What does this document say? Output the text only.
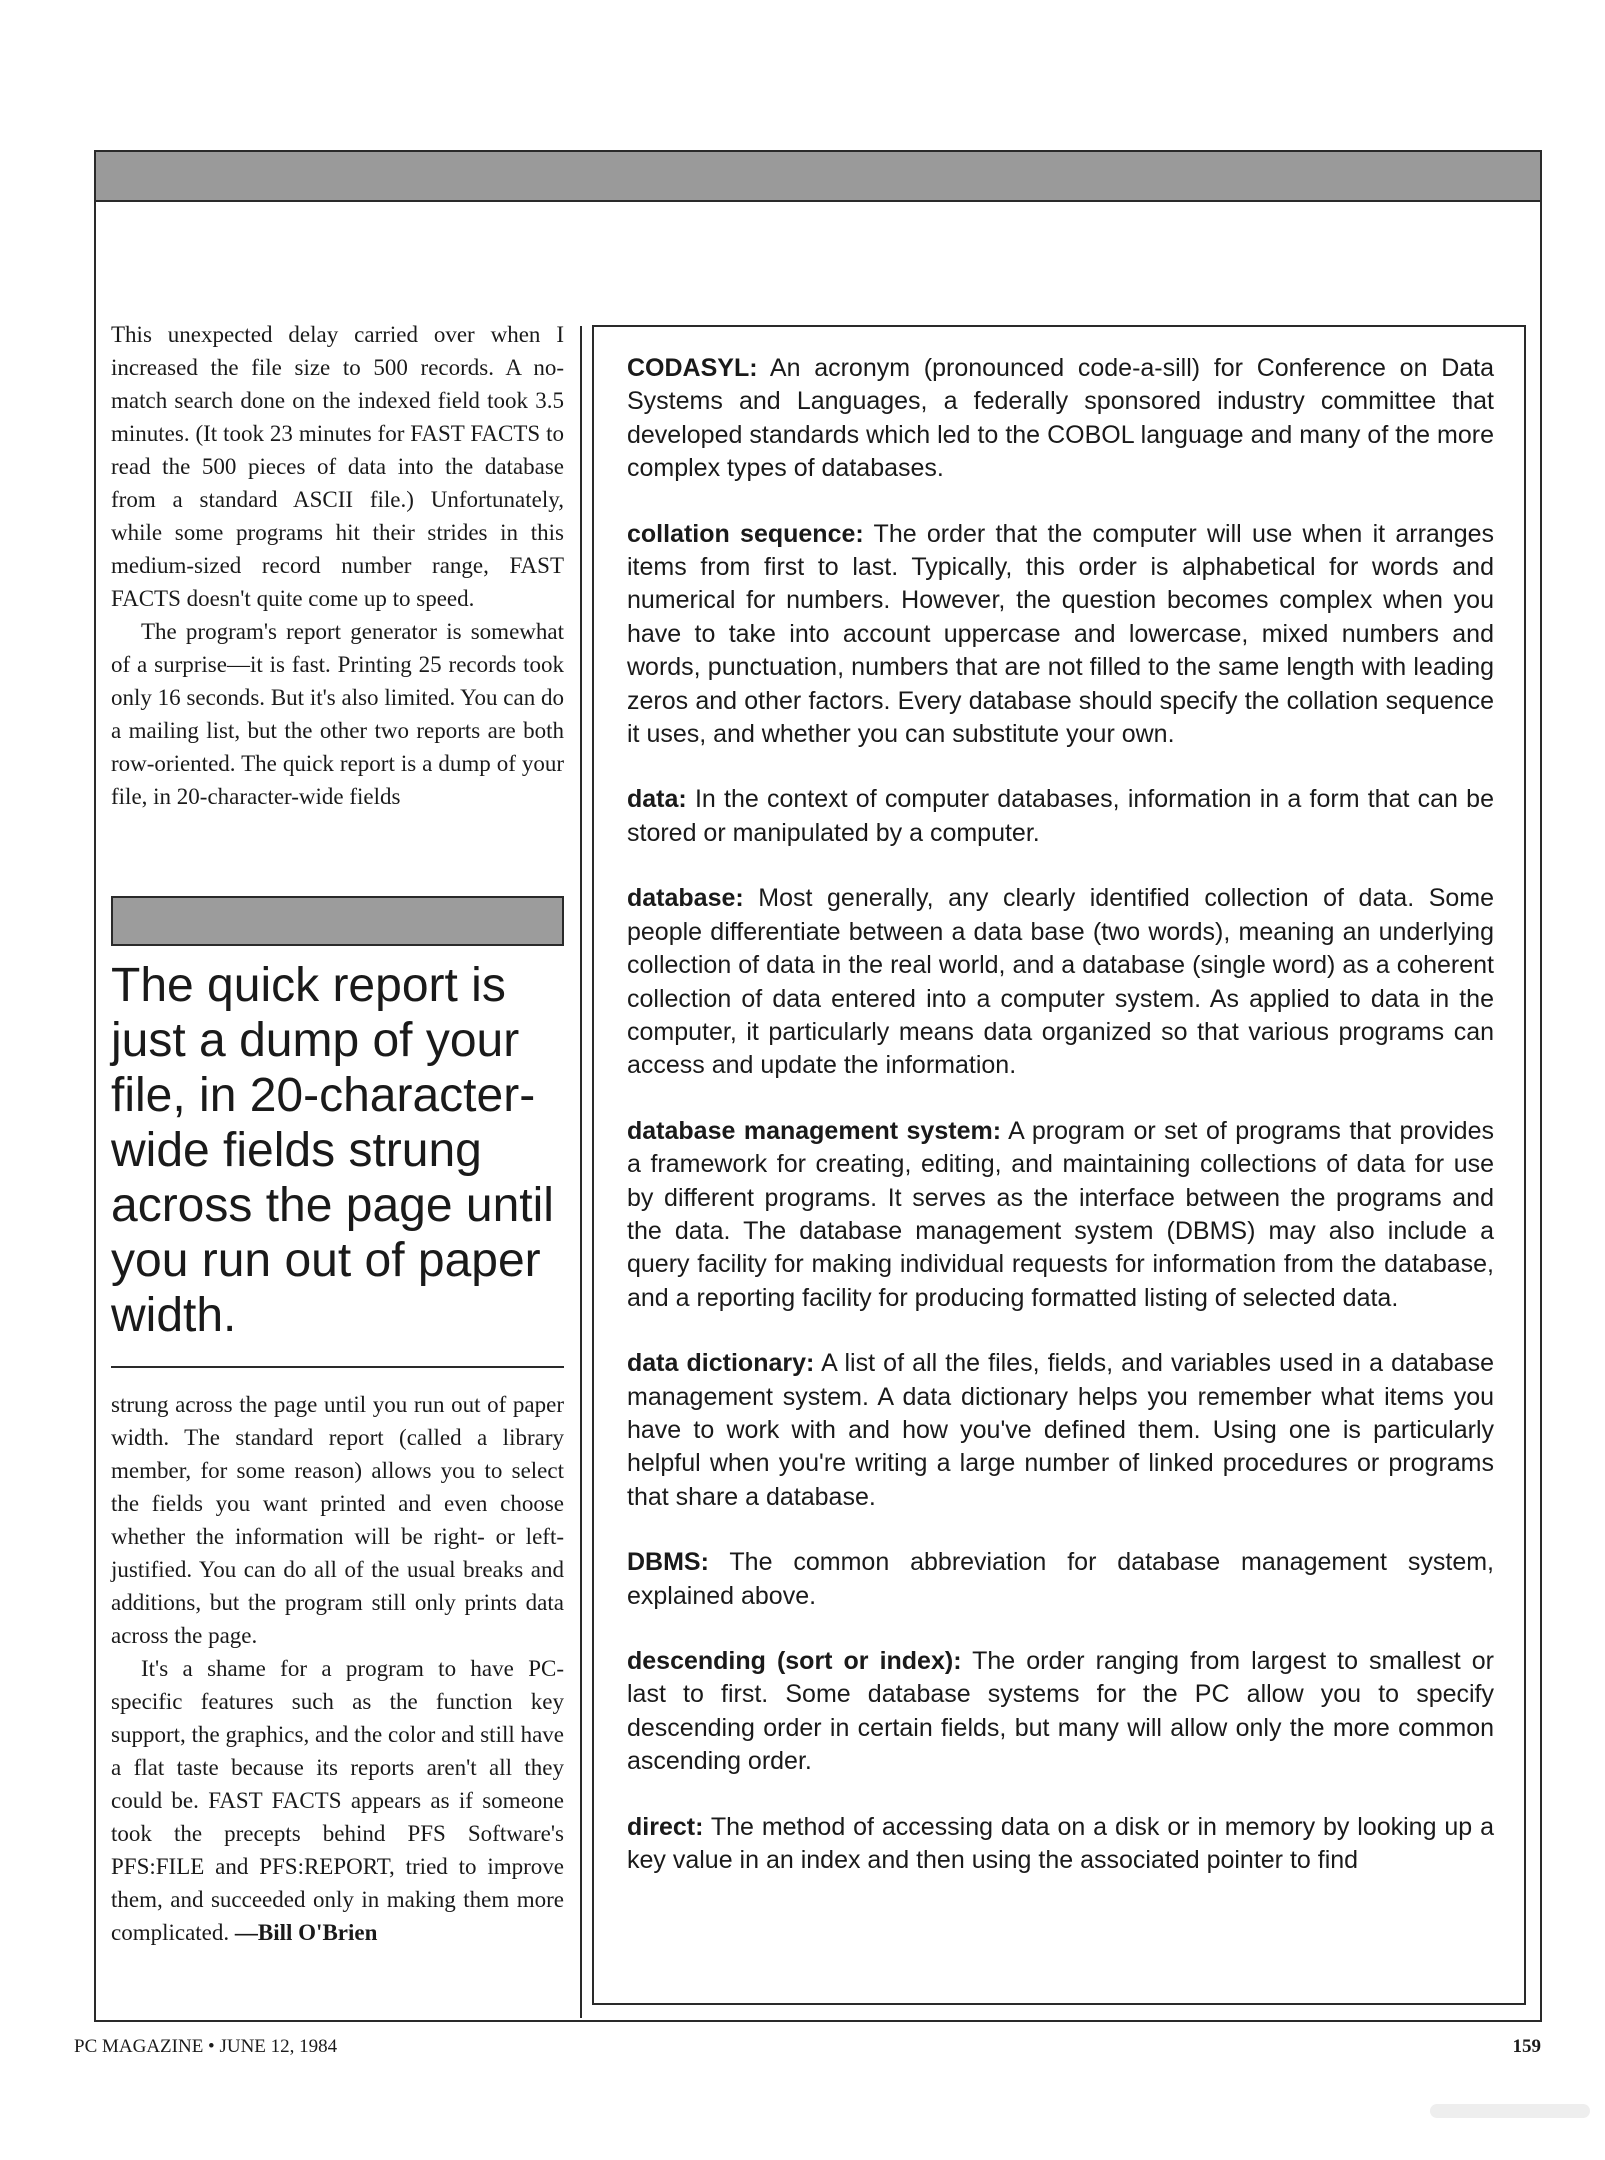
This unexpected delay carried over when I increased the file size to 500 records. A no-match search done on the indexed field took 3.5 minutes. (It took 23 minutes for FAST FACTS to read the 500 pieces of data into the database from a standard ASCII file.) Unfortunately, while some programs hit their strides in this medium-sized record number range, FAST FACTS doesn't quite come up to speed.

The program's report generator is somewhat of a surprise—it is fast. Printing 25 records took only 16 seconds. But it's also limited. You can do a mailing list, but the other two reports are both row-oriented. The quick report is a dump of your file, in 20-character-wide fields

The quick report is just a dump of your file, in 20-character-wide fields strung across the page until you run out of paper width.

strung across the page until you run out of paper width. The standard report (called a library member, for some reason) allows you to select the fields you want printed and even choose whether the information will be right- or left-justified. You can do all of the usual breaks and additions, but the program still only prints data across the page.

It's a shame for a program to have PC-specific features such as the function key support, the graphics, and the color and still have a flat taste because its reports aren't all they could be. FAST FACTS appears as if someone took the precepts behind PFS Software's PFS:FILE and PFS:REPORT, tried to improve them, and succeeded only in making them more complicated. —Bill O'Brien

CODASYL: An acronym (pronounced code-a-sill) for Conference on Data Systems and Languages, a federally sponsored industry committee that developed standards which led to the COBOL language and many of the more complex types of databases.

collation sequence: The order that the computer will use when it arranges items from first to last. Typically, this order is alphabetical for words and numerical for numbers. However, the question becomes complex when you have to take into account uppercase and lowercase, mixed numbers and words, punctuation, numbers that are not filled to the same length with leading zeros and other factors. Every database should specify the collation sequence it uses, and whether you can substitute your own.

data: In the context of computer databases, information in a form that can be stored or manipulated by a computer.

database: Most generally, any clearly identified collection of data. Some people differentiate between a data base (two words), meaning an underlying collection of data in the real world, and a database (single word) as a coherent collection of data entered into a computer system. As applied to data in the computer, it particularly means data organized so that various programs can access and update the information.

database management system: A program or set of programs that provides a framework for creating, editing, and maintaining collections of data for use by different programs. It serves as the interface between the programs and the data. The database management system (DBMS) may also include a query facility for making individual requests for information from the database, and a reporting facility for producing formatted listing of selected data.

data dictionary: A list of all the files, fields, and variables used in a database management system. A data dictionary helps you remember what items you have to work with and how you've defined them. Using one is particularly helpful when you're writing a large number of linked procedures or programs that share a database.

DBMS: The common abbreviation for database management system, explained above.

descending (sort or index): The order ranging from largest to smallest or last to first. Some database systems for the PC allow you to specify descending order in certain fields, but many will allow only the more common ascending order.

direct: The method of accessing data on a disk or in memory by looking up a key value in an index and then using the associated pointer to find

PC MAGAZINE • JUNE 12, 1984	159
